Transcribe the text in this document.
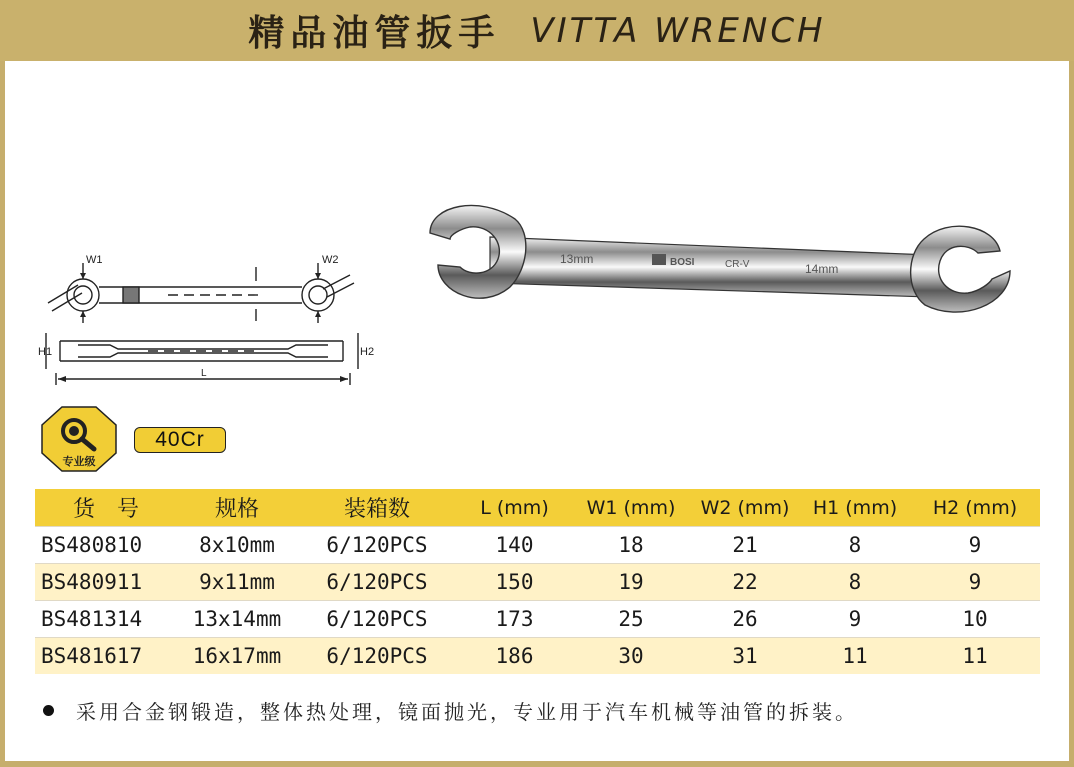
精品油管扳手 VITTA WRENCH
W1	W2
H1	H2
L
13mm	BOSI	CR-V	14mm
专业级
40Cr
货　号	规格	装箱数	L (mm)	W1 (mm)	W2 (mm)	H1 (mm)	H2 (mm)
BS480810	8x10mm	6/120PCS	140	18	21	8	9
BS480911	9x11mm	6/120PCS	150	19	22	8	9
BS481314	13x14mm	6/120PCS	173	25	26	9	10
BS481617	16x17mm	6/120PCS	186	30	31	11	11
采用合金钢锻造，整体热处理，镜面抛光，专业用于汽车机械等油管的拆装。
